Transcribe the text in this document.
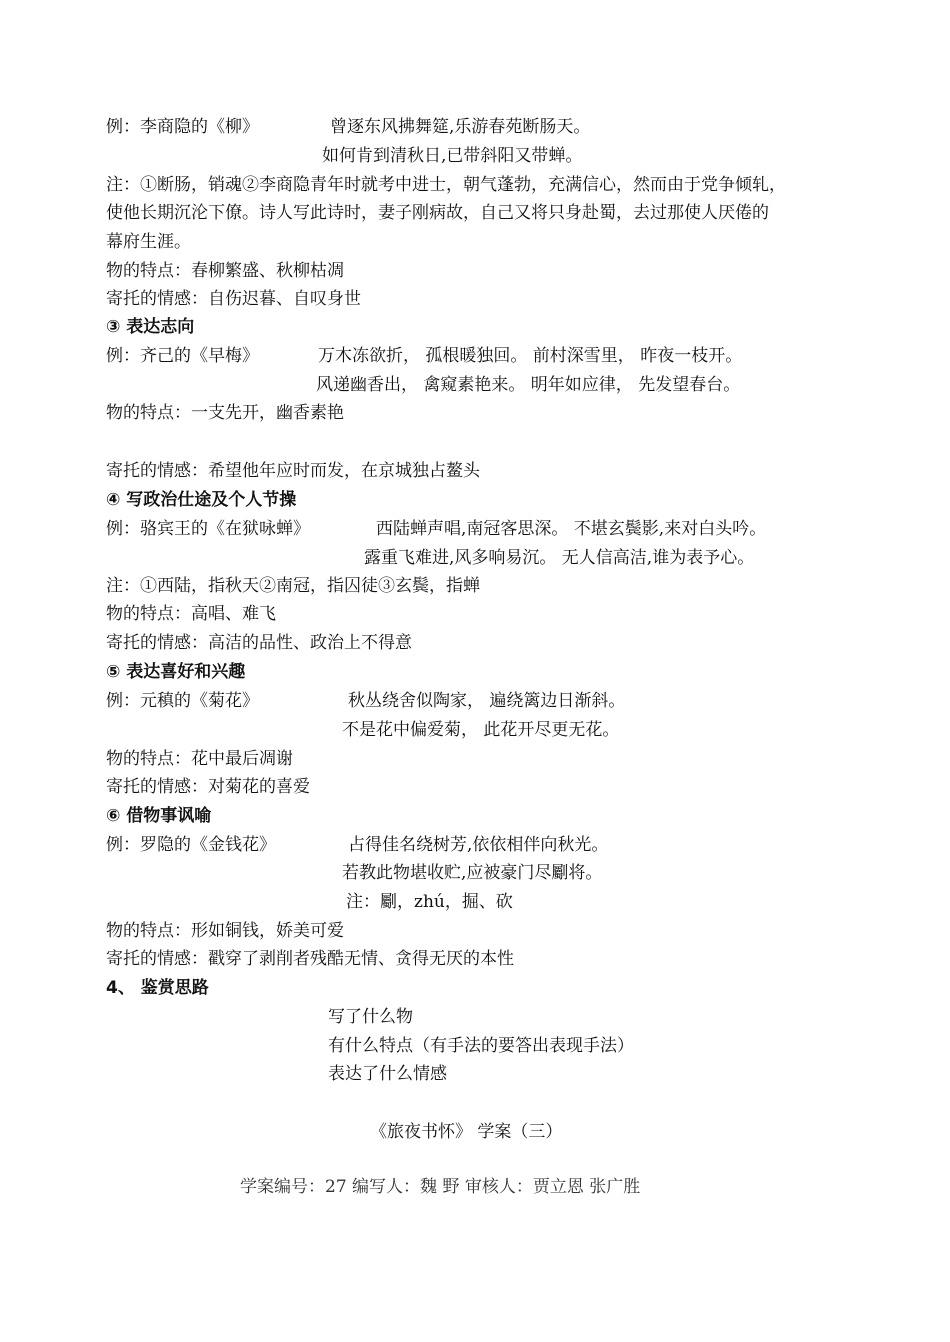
例：李商隐的《柳》	曾逐东风拂舞筵,乐游春苑断肠天。
如何肯到清秋日,已带斜阳又带蝉。
注：①断肠，销魂②李商隐青年时就考中进士，朝气蓬勃，充满信心，然而由于党争倾轧，
使他长期沉沦下僚。诗人写此诗时，妻子刚病故，自己又将只身赴蜀，去过那使人厌倦的
幕府生涯。
物的特点：春柳繁盛、秋柳枯凋
寄托的情感：自伤迟暮、自叹身世
③ 表达志向
例：齐己的《早梅》	万木冻欲折， 孤根暖独回。 前村深雪里， 昨夜一枝开。
风递幽香出， 禽窥素艳来。 明年如应律， 先发望春台。
物的特点：一支先开，幽香素艳
寄托的情感：希望他年应时而发，在京城独占鳌头
④ 写政治仕途及个人节操
例：骆宾王的《在狱咏蝉》	西陆蝉声唱,南冠客思深。 不堪玄鬓影,来对白头吟。
露重飞难进,风多响易沉。 无人信高洁,谁为表予心。
注：①西陆，指秋天②南冠，指囚徒③玄鬓，指蝉
物的特点：高唱、难飞
寄托的情感：高洁的品性、政治上不得意
⑤ 表达喜好和兴趣
例：元稹的《菊花》	秋丛绕舍似陶家， 遍绕篱边日渐斜。
不是花中偏爱菊， 此花开尽更无花。
物的特点：花中最后凋谢
寄托的情感：对菊花的喜爱
⑥ 借物事讽喻
例：罗隐的《金钱花》	占得佳名绕树芳,依依相伴向秋光。
若教此物堪收贮,应被豪门尽劚将。
注：劚，zhú，掘、砍
物的特点：形如铜钱，娇美可爱
寄托的情感：戳穿了剥削者残酷无情、贪得无厌的本性
4、 鉴赏思路
写了什么物
有什么特点（有手法的要答出表现手法）
表达了什么情感
《旅夜书怀》 学案（三）
学案编号：27 编写人：魏 野 审核人：贾立恩 张广胜
